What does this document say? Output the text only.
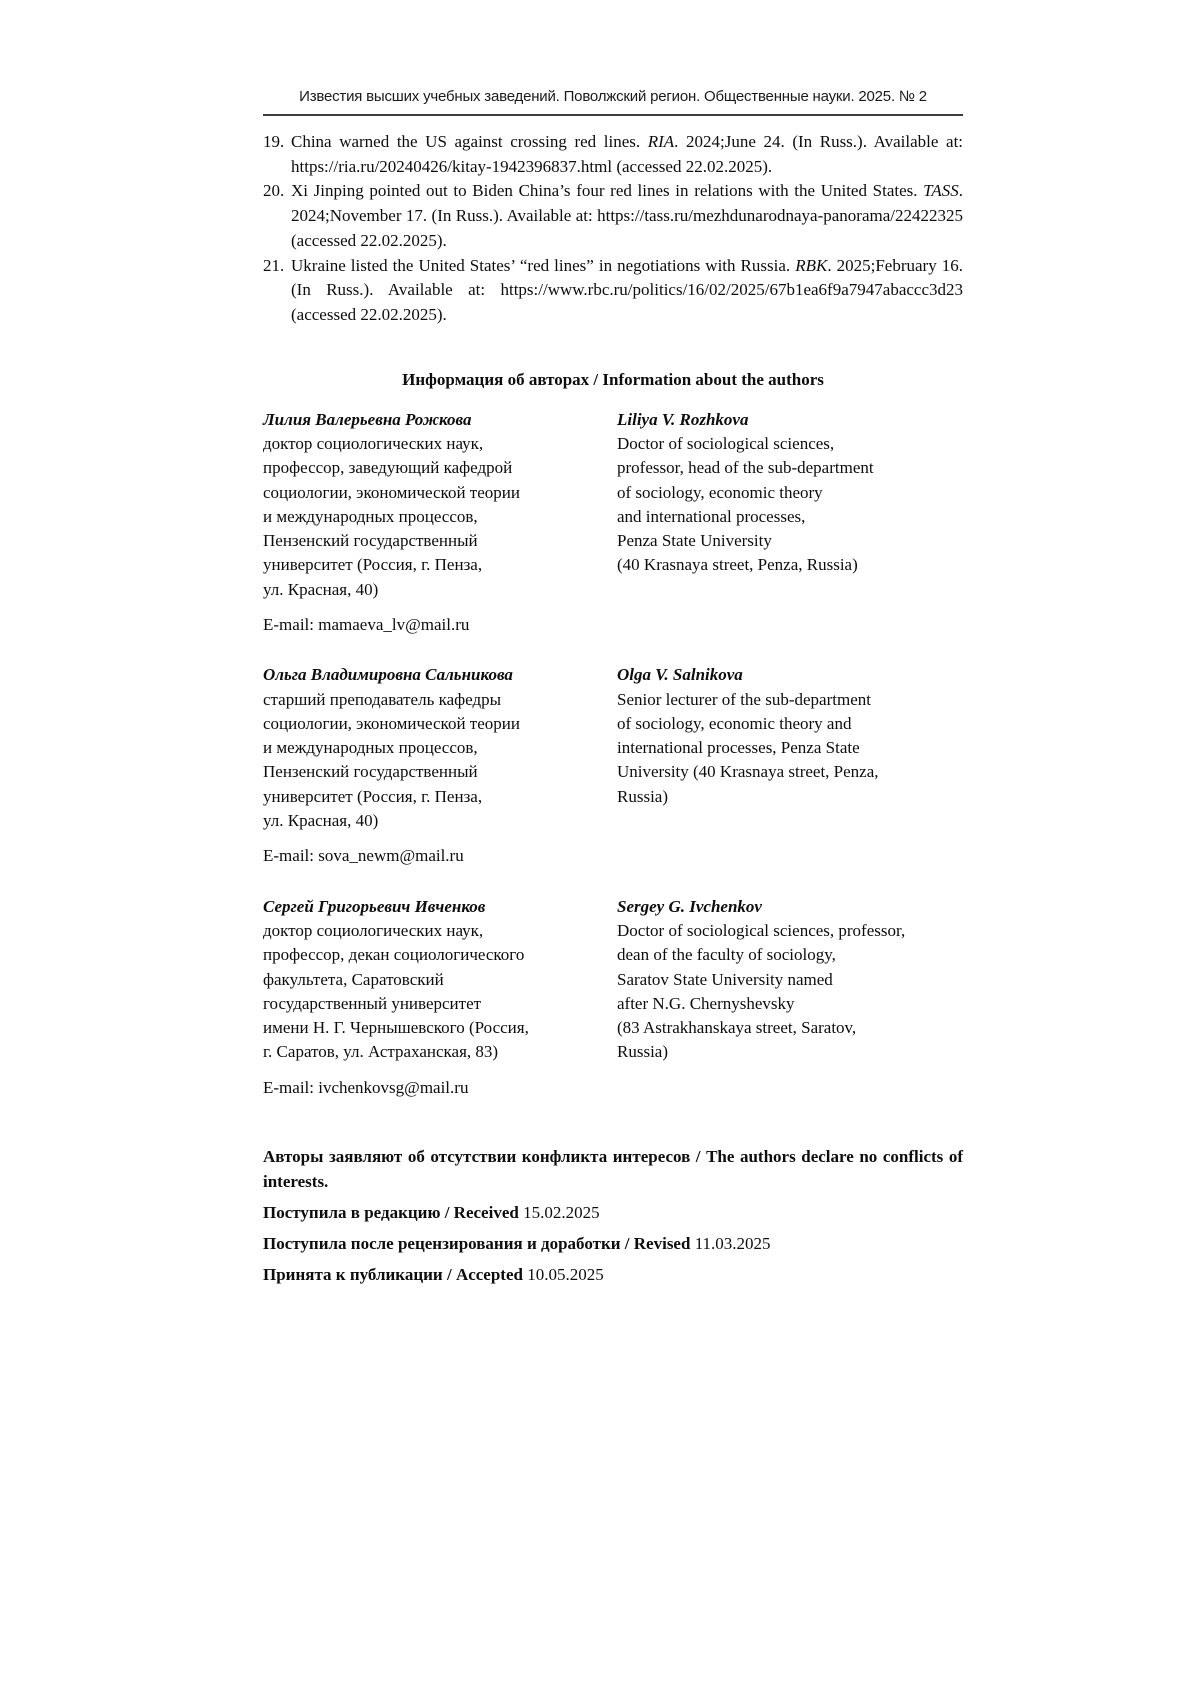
Известия высших учебных заведений. Поволжский регион. Общественные науки. 2025. № 2
19. China warned the US against crossing red lines. RIA. 2024;June 24. (In Russ.). Available at: https://ria.ru/20240426/kitay-1942396837.html (accessed 22.02.2025).
20. Xi Jinping pointed out to Biden China’s four red lines in relations with the United States. TASS. 2024;November 17. (In Russ.). Available at: https://tass.ru/mezhdunarodnaya-panorama/22422325 (accessed 22.02.2025).
21. Ukraine listed the United States’ “red lines” in negotiations with Russia. RBK. 2025;February 16. (In Russ.). Available at: https://www.rbc.ru/politics/16/02/2025/67b1ea6f9a7947abaccc3d23 (accessed 22.02.2025).
Информация об авторах / Information about the authors
Лилия Валерьевна Рожкова
доктор социологических наук,
профессор, заведующий кафедрой
социологии, экономической теории
и международных процессов,
Пензенский государственный
университет (Россия, г. Пенза,
ул. Красная, 40)
Liliya V. Rozhkova
Doctor of sociological sciences,
professor, head of the sub-department
of sociology, economic theory
and international processes,
Penza State University
(40 Krasnaya street, Penza, Russia)
E-mail: mamaeva_lv@mail.ru
Ольга Владимировна Сальникова
старший преподаватель кафедры
социологии, экономической теории
и международных процессов,
Пензенский государственный
университет (Россия, г. Пенза,
ул. Красная, 40)
Olga V. Salnikova
Senior lecturer of the sub-department
of sociology, economic theory and
international processes, Penza State
University (40 Krasnaya street, Penza,
Russia)
E-mail: sova_newm@mail.ru
Сергей Григорьевич Ивченков
доктор социологических наук,
профессор, декан социологического
факультета, Саратовский
государственный университет
имени Н. Г. Чернышевского (Россия,
г. Саратов, ул. Астраханская, 83)
Sergey G. Ivchenkov
Doctor of sociological sciences, professor,
dean of the faculty of sociology,
Saratov State University named
after N.G. Chernyshevsky
(83 Astrakhanskaya street, Saratov,
Russia)
E-mail: ivchenkovsg@mail.ru
Авторы заявляют об отсутствии конфликта интересов / The authors declare no conflicts of interests.
Поступила в редакцию / Received 15.02.2025
Поступила после рецензирования и доработки / Revised 11.03.2025
Принята к публикации / Accepted 10.05.2025
